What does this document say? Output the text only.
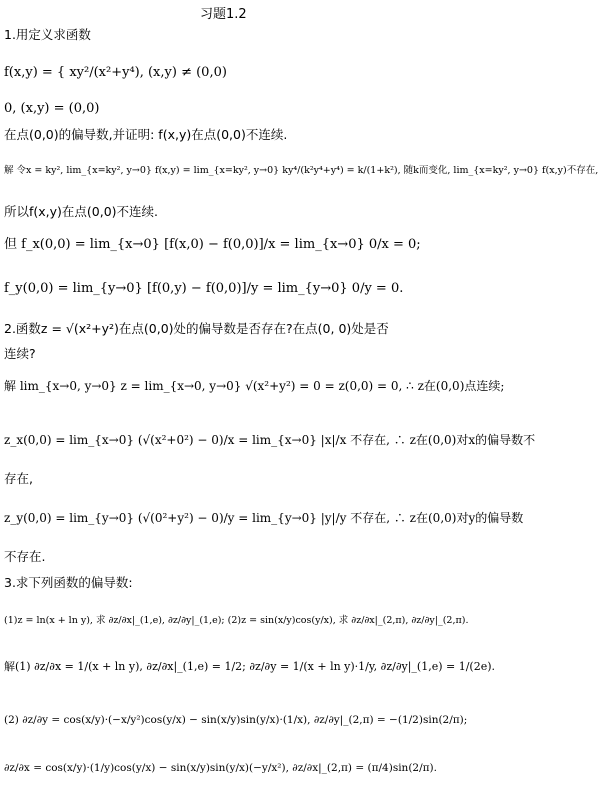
习题1.2
1.用定义求函数
f(x,y) = { xy²/(x²+y⁴), (x,y) ≠ (0,0)
0, (x,y) = (0,0)
在点(0,0)的偏导数,并证明: f(x,y)在点(0,0)不连续.
解 令x = ky², lim_{x=ky², y→0} f(x,y) = lim_{x=ky², y→0} ky⁴/(k²y⁴+y⁴) = k/(1+k²), 随k而变化, lim_{x=ky², y→0} f(x,y)不存在,
所以f(x,y)在点(0,0)不连续.
但 f_x(0,0) = lim_{x→0} [f(x,0) − f(0,0)]/x = lim_{x→0} 0/x = 0;
f_y(0,0) = lim_{y→0} [f(0,y) − f(0,0)]/y = lim_{y→0} 0/y = 0.
2.函数z = √(x²+y²)在点(0,0)处的偏导数是否存在?在点(0, 0)处是否
连续?
解 lim_{x→0, y→0} z = lim_{x→0, y→0} √(x²+y²) = 0 = z(0,0) = 0, ∴ z在(0,0)点连续;
z_x(0,0) = lim_{x→0} (√(x²+0²) − 0)/x = lim_{x→0} |x|/x 不存在, ∴ z在(0,0)对x的偏导数不
存在,
z_y(0,0) = lim_{y→0} (√(0²+y²) − 0)/y = lim_{y→0} |y|/y 不存在, ∴ z在(0,0)对y的偏导数
不存在.
3.求下列函数的偏导数:
(1)z = ln(x + ln y), 求 ∂z/∂x|_(1,e), ∂z/∂y|_(1,e); (2)z = sin(x/y)cos(y/x), 求 ∂z/∂x|_(2,π), ∂z/∂y|_(2,π).
解(1) ∂z/∂x = 1/(x + ln y), ∂z/∂x|_(1,e) = 1/2; ∂z/∂y = 1/(x + ln y)·1/y, ∂z/∂y|_(1,e) = 1/(2e).
(2) ∂z/∂y = cos(x/y)·(−x/y²)cos(y/x) − sin(x/y)sin(y/x)·(1/x), ∂z/∂y|_(2,π) = −(1/2)sin(2/π);
∂z/∂x = cos(x/y)·(1/y)cos(y/x) − sin(x/y)sin(y/x)(−y/x²), ∂z/∂x|_(2,π) = (π/4)sin(2/π).
